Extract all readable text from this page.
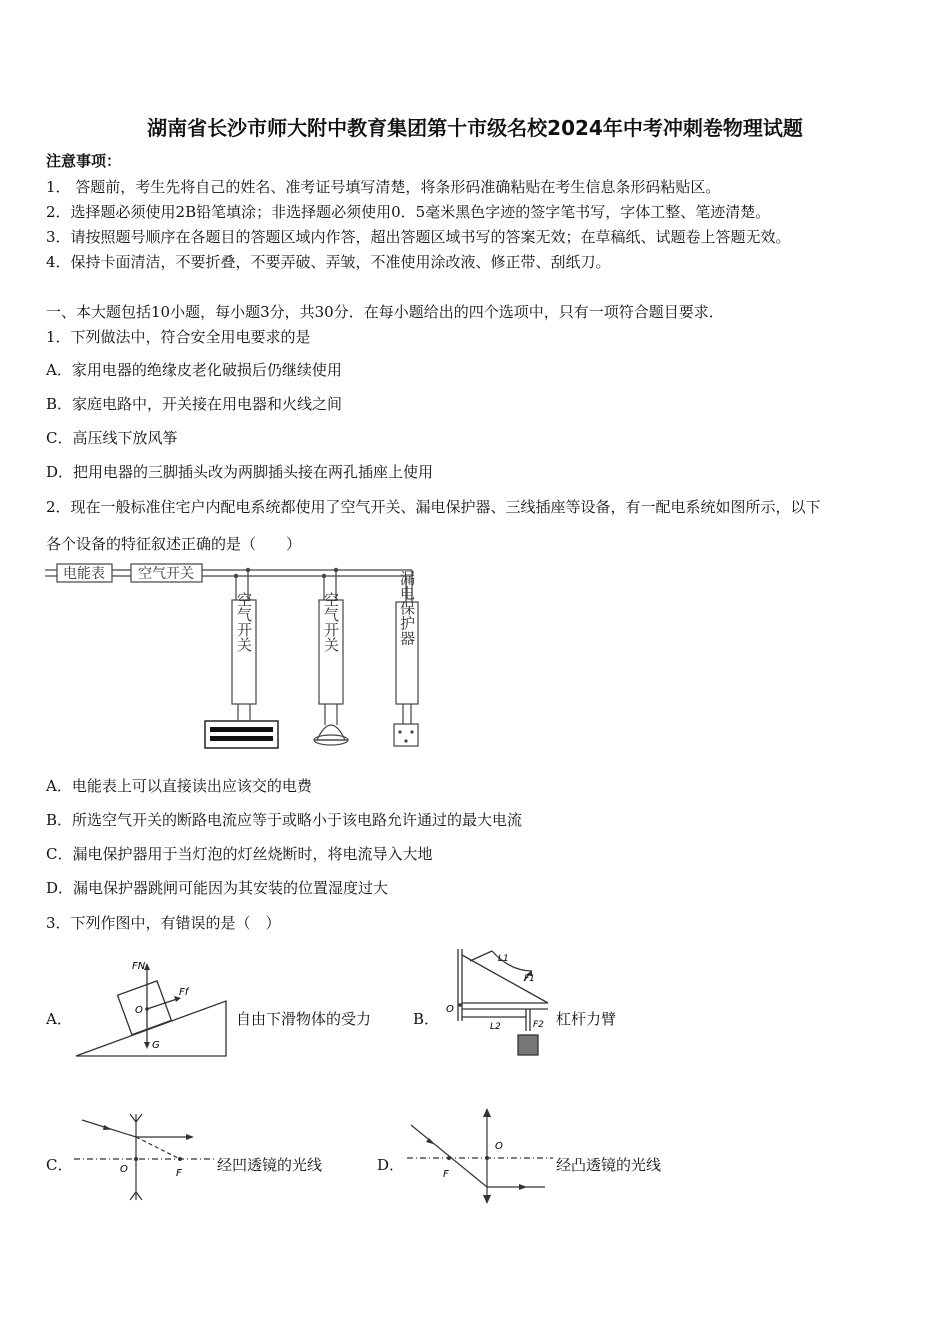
湖南省长沙市师大附中教育集团第十市级名校2024年中考冲刺卷物理试题
注意事项：
1． 答题前，考生先将自己的姓名、准考证号填写清楚，将条形码准确粘贴在考生信息条形码粘贴区。
2．选择题必须使用2B铅笔填涂；非选择题必须使用0．5毫米黑色字迹的签字笔书写，字体工整、笔迹清楚。
3．请按照题号顺序在各题目的答题区域内作答，超出答题区域书写的答案无效；在草稿纸、试题卷上答题无效。
4．保持卡面清洁，不要折叠，不要弄破、弄皱，不准使用涂改液、修正带、刮纸刀。
一、本大题包括10小题，每小题3分，共30分．在每小题给出的四个选项中，只有一项符合题目要求．
1．下列做法中，符合安全用电要求的是
A．家用电器的绝缘皮老化破损后仍继续使用
B．家庭电路中，开关接在用电器和火线之间
C．高压线下放风筝
D．把用电器的三脚插头改为两脚插头接在两孔插座上使用
2．现在一般标准住宅户内配电系统都使用了空气开关、漏电保护器、三线插座等设备，有一配电系统如图所示，以下
各个设备的特征叙述正确的是（　　）
电能表 空气开关
空气开关	空气开关	漏电保护器
A．电能表上可以直接读出应该交的电费
B．所选空气开关的断路电流应等于或略小于该电路允许通过的最大电流
C．漏电保护器用于当灯泡的灯丝烧断时，将电流导入大地
D．漏电保护器跳闸可能因为其安装的位置湿度过大
3．下列作图中，有错误的是（　）
A．
FN
O
Ff
G
自由下滑物体的受力	B．
L1
F1
O
F2
L2	杠杆力臂
C．	O	F 经凹透镜的光线	D．
O
F
经凸透镜的光线
